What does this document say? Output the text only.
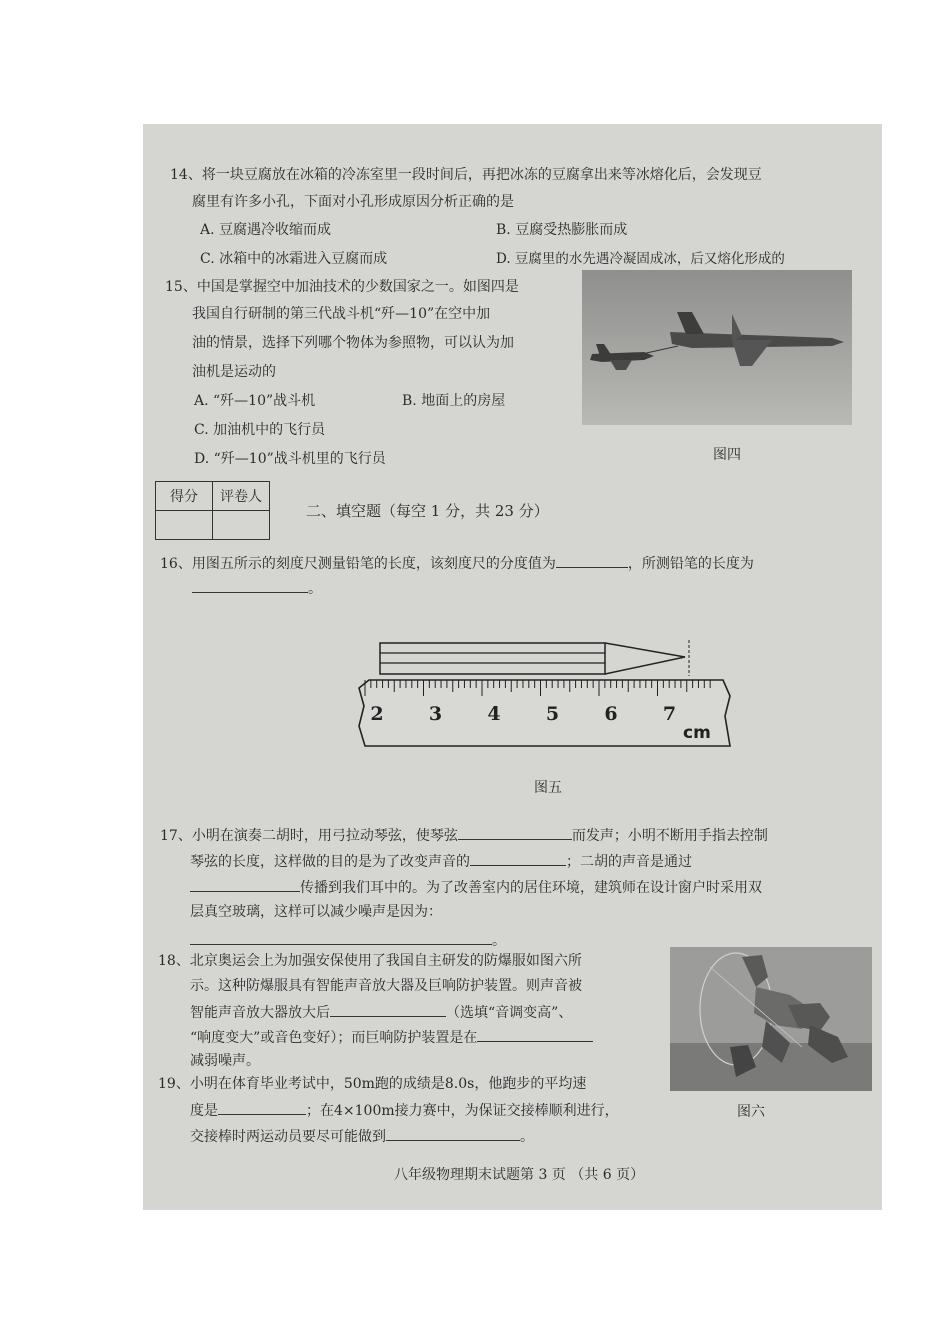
14、将一块豆腐放在冰箱的冷冻室里一段时间后，再把冰冻的豆腐拿出来等冰熔化后，会发现豆
腐里有许多小孔，下面对小孔形成原因分析正确的是
A. 豆腐遇冷收缩而成	B. 豆腐受热膨胀而成
C. 冰箱中的冰霜进入豆腐而成	D. 豆腐里的水先遇冷凝固成冰，后又熔化形成的
15、中国是掌握空中加油技术的少数国家之一。如图四是
我国自行研制的第三代战斗机“歼—10”在空中加
油的情景，选择下列哪个物体为参照物，可以认为加
油机是运动的
A. “歼—10”战斗机	B. 地面上的房屋
C. 加油机中的飞行员
D. “歼—10”战斗机里的飞行员	图四
得分	评卷人

二、填空题（每空 1 分，共 23 分）
16、用图五所示的刻度尺测量铅笔的长度，该刻度尺的分度值为	，所测铅笔的长度为
。
2 3 4 5 6 7
cm
图五
17、小明在演奏二胡时，用弓拉动琴弦，使琴弦	而发声；小明不断用手指去控制
琴弦的长度，这样做的目的是为了改变声音的	；二胡的声音是通过
传播到我们耳中的。为了改善室内的居住环境，建筑师在设计窗户时采用双
层真空玻璃，这样可以减少噪声是因为：
。
18、北京奥运会上为加强安保使用了我国自主研发的防爆服如图六所
示。这种防爆服具有智能声音放大器及巨响防护装置。则声音被
智能声音放大器放大后	（选填“音调变高”、
“响度变大”或音色变好）；而巨响防护装置是在
减弱噪声。
图六
19、小明在体育毕业考试中，50m跑的成绩是8.0s，他跑步的平均速
度是	；在4×100m接力赛中，为保证交接棒顺利进行，
交接棒时两运动员要尽可能做到	。
八年级物理期末试题第 3 页 （共 6 页）
